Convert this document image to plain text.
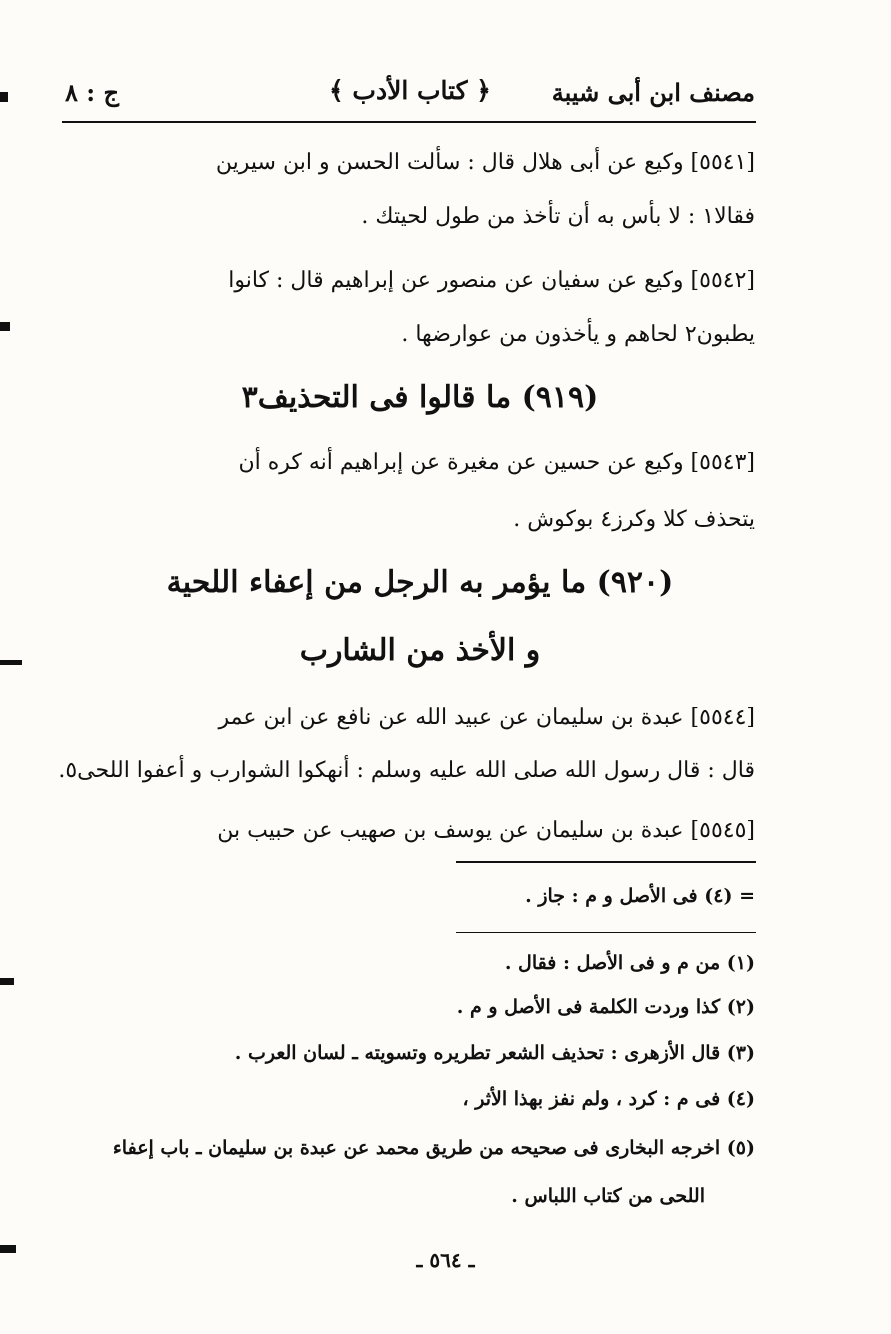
مصنف ابن أبى شيبة
﴿ كتاب الأدب ﴾
ج : ٨
[٥٥٤١] وكيع عن أبى هلال قال : سألت الحسن و ابن سيرين
فقالا١ : لا بأس به أن تأخذ من طول لحيتك .
[٥٥٤٢] وكيع عن سفيان عن منصور عن إبراهيم قال : كانوا
يطبون٢ لحاهم و يأخذون من عوارضها .
(٩١٩) ما قالوا فى التحذيف٣
[٥٥٤٣] وكيع عن حسين عن مغيرة عن إبراهيم أنه كره أن
يتحذف كلا وكرز٤ بوكوش .
(٩٢٠) ما يؤمر به الرجل من إعفاء اللحية
و الأخذ من الشارب
[٥٥٤٤] عبدة بن سليمان عن عبيد الله عن نافع عن ابن عمر
قال : قال رسول الله صلى الله عليه وسلم : أنهكوا الشوارب و أعفوا اللحى٥.
[٥٥٤٥] عبدة بن سليمان عن يوسف بن صهيب عن حبيب بن
= (٤) فى الأصل و م : جاز .
(١) من م و فى الأصل : فقال .
(٢) كذا وردت الكلمة فى الأصل و م .
(٣) قال الأزهرى : تحذيف الشعر تطريره وتسويته ـ لسان العرب .
(٤) فى م : كرد ، ولم نفز بهذا الأثر ،
(٥) اخرجه البخارى فى صحيحه من طريق محمد عن عبدة بن سليمان ـ باب إعفاء
اللحى من كتاب اللباس .
ـ ٥٦٤ ـ
